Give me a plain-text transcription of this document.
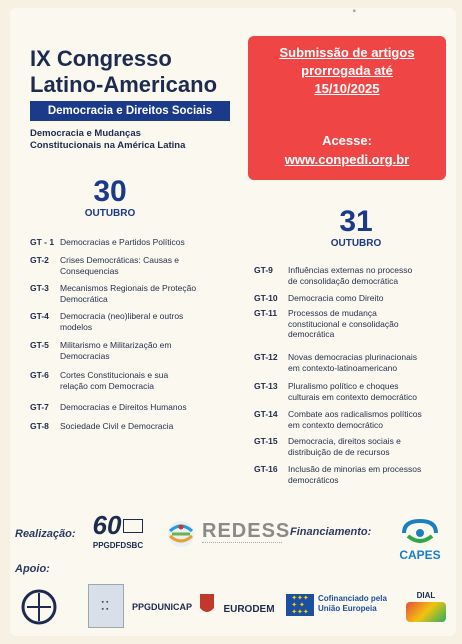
▪
IX Congresso
Latino-Americano
Democracia e Direitos Sociais
Democracia e Mudanças
Constitucionais na América Latina
Submissão de artigos
prorrogada até
15/10/2025
Acesse:
www.conpedi.org.br
30
OUTUBRO	31
OUTUBRO
Realização:	Financiamento:
Apoio:
60
PPGDFDSBC
REDESS
CAPES
▪▪
▪▪ PPGDUNICAP	EURODEM
✦✦✦
✦ ✦
✦✦✦
Cofinanciado pela
União Europeia
DIAL
GT - 1 Democracias e Partidos Políticos
GT-2	Crises Democráticas: Causas e
Consequencias
GT-3	Mecanismos Regionais de Proteção
Democrática
GT-4	Democracia (neo)liberal e outros
modelos
GT-5	Militarismo e Militarização em
Democracias
GT-6	Cortes Constitucionais e sua
relação com Democracia
GT-7	Democracias e Direitos Humanos
GT-8	Sociedade Civil e Democracia
GT-9	Influências externas no processo
de consolidação democrática
GT-10	Democracia como Direito
GT-11	Processos de mudança
constitucional e consolidação
democrática
GT-12	Novas democracias plurinacionais
em contexto-latinoamericano
GT-13	Pluralismo político e choques
culturais em contexto democrático
GT-14	Combate aos radicalismos políticos
em contexto democrático
GT-15	Democracia, direitos sociais e
distribuição de de recursos
GT-16	Inclusão de minorias em processos
democráticos
